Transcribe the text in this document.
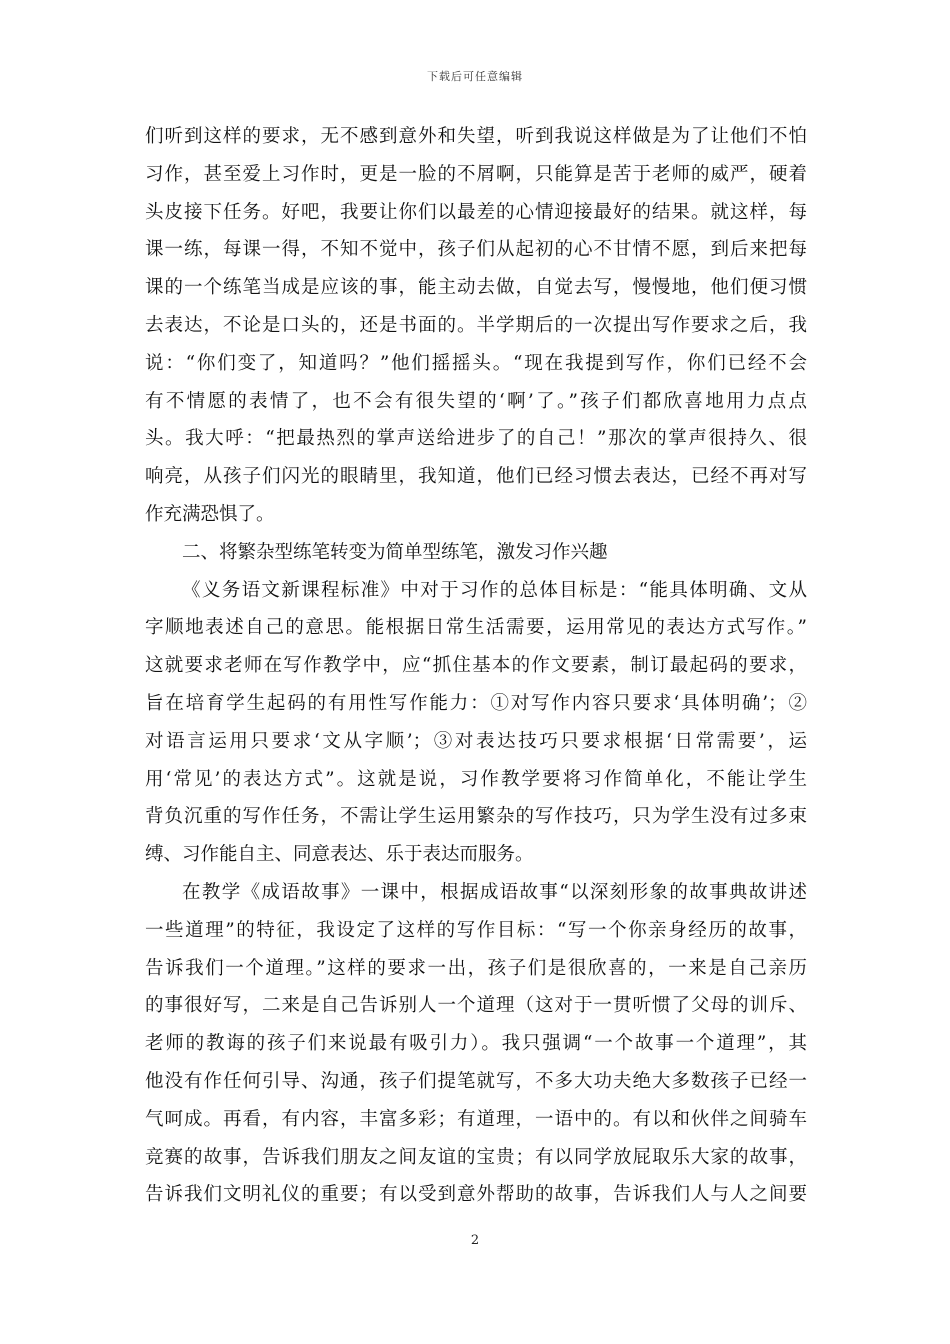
下载后可任意编辑
们听到这样的要求，无不感到意外和失望，听到我说这样做是为了让他们不怕
习作，甚至爱上习作时，更是一脸的不屑啊，只能算是苦于老师的威严，硬着
头皮接下任务。好吧，我要让你们以最差的心情迎接最好的结果。就这样，每
课一练，每课一得，不知不觉中，孩子们从起初的心不甘情不愿，到后来把每
课的一个练笔当成是应该的事，能主动去做，自觉去写，慢慢地，他们便习惯
去表达，不论是口头的，还是书面的。半学期后的一次提出写作要求之后，我
说：“你们变了，知道吗？”他们摇摇头。“现在我提到写作，你们已经不会
有不情愿的表情了，也不会有很失望的‘啊’了。”孩子们都欣喜地用力点点
头。我大呼：“把最热烈的掌声送给进步了的自己！”那次的掌声很持久、很
响亮，从孩子们闪光的眼睛里，我知道，他们已经习惯去表达，已经不再对写
作充满恐惧了。
二、将繁杂型练笔转变为简单型练笔，激发习作兴趣
《义务语文新课程标准》中对于习作的总体目标是：“能具体明确、文从
字顺地表述自己的意思。能根据日常生活需要，运用常见的表达方式写作。”
这就要求老师在写作教学中，应“抓住基本的作文要素，制订最起码的要求，
旨在培育学生起码的有用性写作能力：①对写作内容只要求‘具体明确’；②
对语言运用只要求‘文从字顺’；③对表达技巧只要求根据‘日常需要’，运
用‘常见’的表达方式”。这就是说，习作教学要将习作简单化，不能让学生
背负沉重的写作任务，不需让学生运用繁杂的写作技巧，只为学生没有过多束
缚、习作能自主、同意表达、乐于表达而服务。
在教学《成语故事》一课中，根据成语故事“以深刻形象的故事典故讲述
一些道理”的特征，我设定了这样的写作目标：“写一个你亲身经历的故事，
告诉我们一个道理。”这样的要求一出，孩子们是很欣喜的，一来是自己亲历
的事很好写，二来是自己告诉别人一个道理（这对于一贯听惯了父母的训斥、
老师的教诲的孩子们来说最有吸引力）。我只强调“一个故事一个道理”，其
他没有作任何引导、沟通，孩子们提笔就写，不多大功夫绝大多数孩子已经一
气呵成。再看，有内容，丰富多彩；有道理，一语中的。有以和伙伴之间骑车
竞赛的故事，告诉我们朋友之间友谊的宝贵；有以同学放屁取乐大家的故事，
告诉我们文明礼仪的重要；有以受到意外帮助的故事，告诉我们人与人之间要
2
